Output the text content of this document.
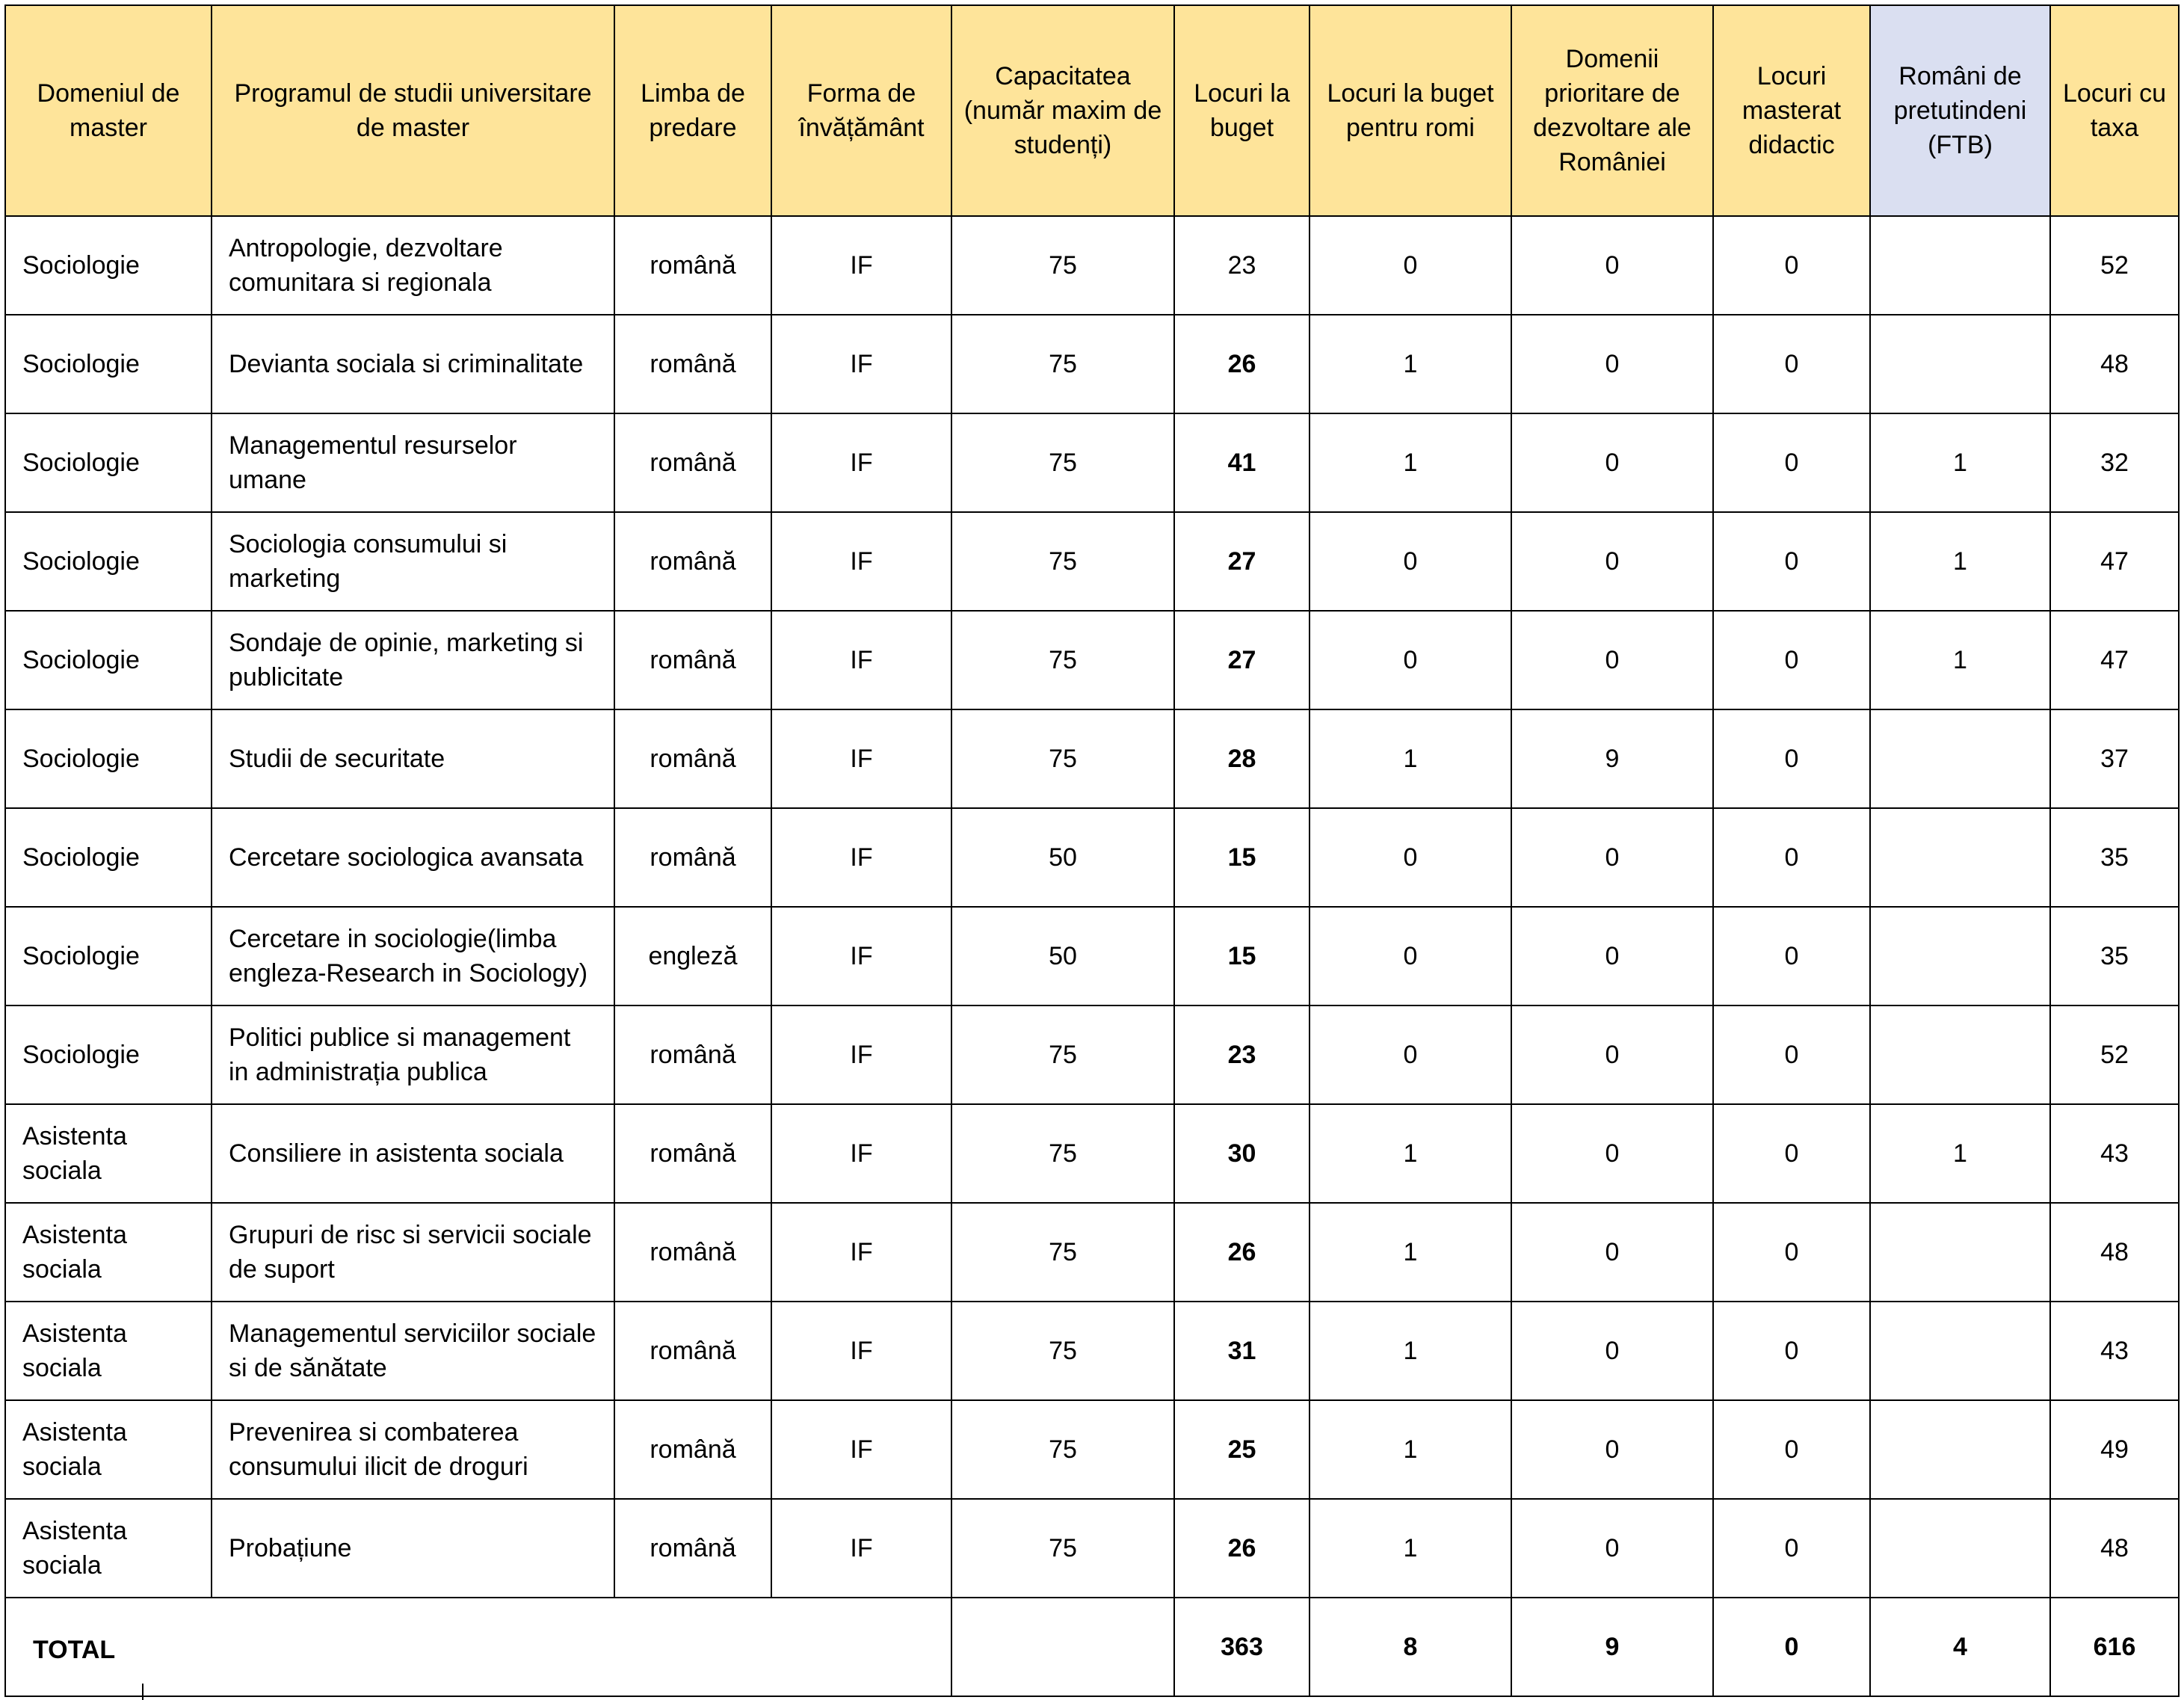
Domeniul de master	Programul de studii universitare de master	Limba de predare	Forma de învățământ	Capacitatea (număr maxim de studenți)	Locuri la buget	Locuri la buget pentru romi	Domenii prioritare de dezvoltare ale României	Locuri masterat didactic	Români de pretutindeni (FTB)	Locuri cu taxa
Sociologie	Antropologie, dezvoltare comunitara si regionala	română	IF	75	23	0	0	0		52
Sociologie	Devianta sociala si criminalitate	română	IF	75	26	1	0	0		48
Sociologie	Managementul resurselor umane	română	IF	75	41	1	0	0	1	32
Sociologie	Sociologia consumului si marketing	română	IF	75	27	0	0	0	1	47
Sociologie	Sondaje de opinie, marketing si publicitate	română	IF	75	27	0	0	0	1	47
Sociologie	Studii de securitate	română	IF	75	28	1	9	0		37
Sociologie	Cercetare sociologica avansata	română	IF	50	15	0	0	0		35
Sociologie	Cercetare in sociologie(limba engleza-Research in Sociology)	engleză	IF	50	15	0	0	0		35
Sociologie	Politici publice si management in administrația publica	română	IF	75	23	0	0	0		52
Asistenta sociala	Consiliere in asistenta sociala	română	IF	75	30	1	0	0	1	43
Asistenta sociala	Grupuri de risc si servicii sociale de suport	română	IF	75	26	1	0	0		48
Asistenta sociala	Managementul serviciilor sociale si de sănătate	română	IF	75	31	1	0	0		43
Asistenta sociala	Prevenirea si combaterea consumului ilicit de droguri	română	IF	75	25	1	0	0		49
Asistenta sociala	Probațiune	română	IF	75	26	1	0	0		48
TOTAL					363	8	9	0	4	616
